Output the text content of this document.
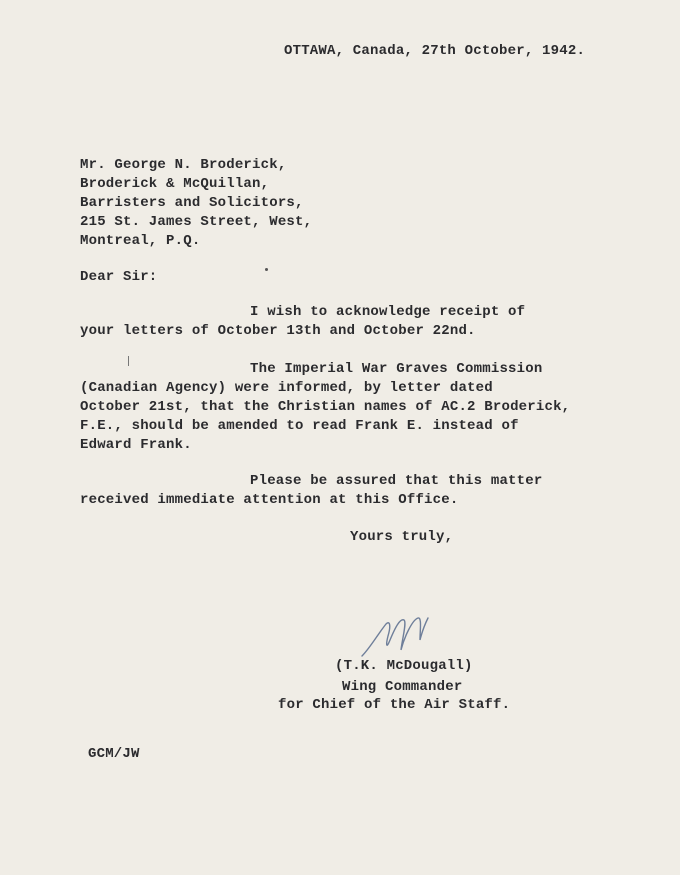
OTTAWA, Canada, 27th October, 1942.
Mr. George N. Broderick,
Broderick & McQuillan,
Barristers and Solicitors,
215 St. James Street, West,
Montreal, P.Q.
Dear Sir:
I wish to acknowledge receipt of
your letters of October 13th and October 22nd.
The Imperial War Graves Commission
(Canadian Agency) were informed, by letter dated
October 21st, that the Christian names of AC.2 Broderick,
F.E., should be amended to read Frank E. instead of
Edward Frank.
Please be assured that this matter
received immediate attention at this Office.
Yours truly,
(T.K. McDougall)
Wing Commander
for Chief of the Air Staff.
GCM/JW
